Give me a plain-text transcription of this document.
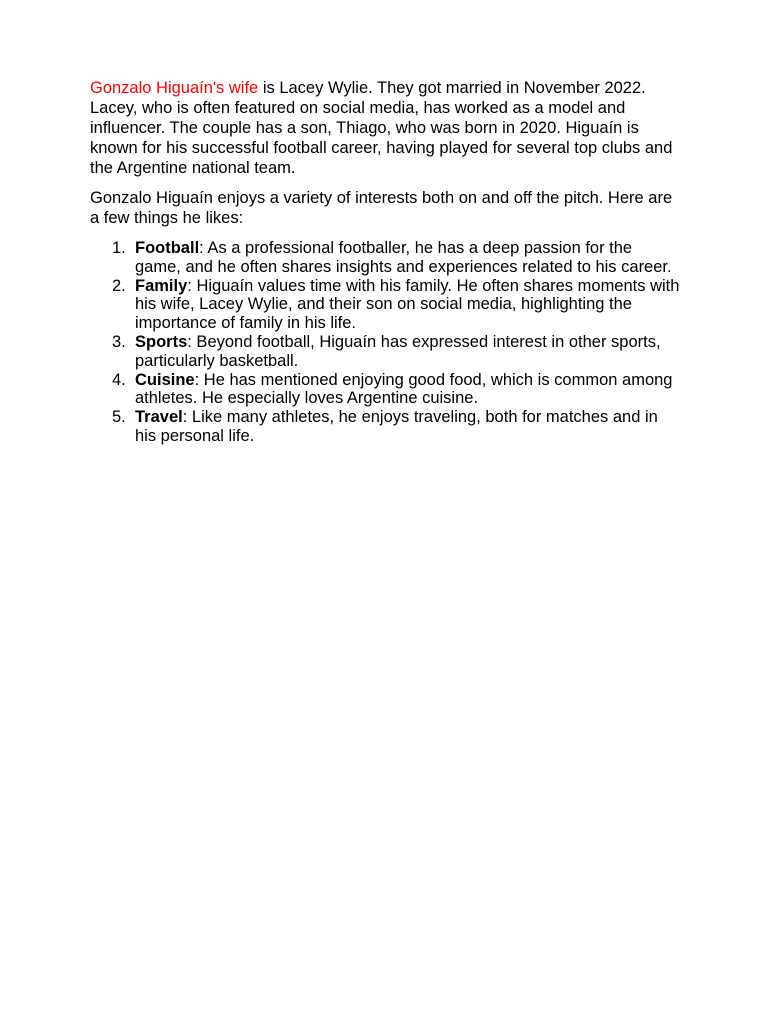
Gonzalo Higuaín's wife is Lacey Wylie. They got married in November 2022. Lacey, who is often featured on social media, has worked as a model and influencer. The couple has a son, Thiago, who was born in 2020. Higuaín is known for his successful football career, having played for several top clubs and the Argentine national team.

Gonzalo Higuaín enjoys a variety of interests both on and off the pitch. Here are a few things he likes:

1. Football: As a professional footballer, he has a deep passion for the game, and he often shares insights and experiences related to his career.
2. Family: Higuaín values time with his family. He often shares moments with his wife, Lacey Wylie, and their son on social media, highlighting the importance of family in his life.
3. Sports: Beyond football, Higuaín has expressed interest in other sports, particularly basketball.
4. Cuisine: He has mentioned enjoying good food, which is common among athletes. He especially loves Argentine cuisine.
5. Travel: Like many athletes, he enjoys traveling, both for matches and in his personal life.
